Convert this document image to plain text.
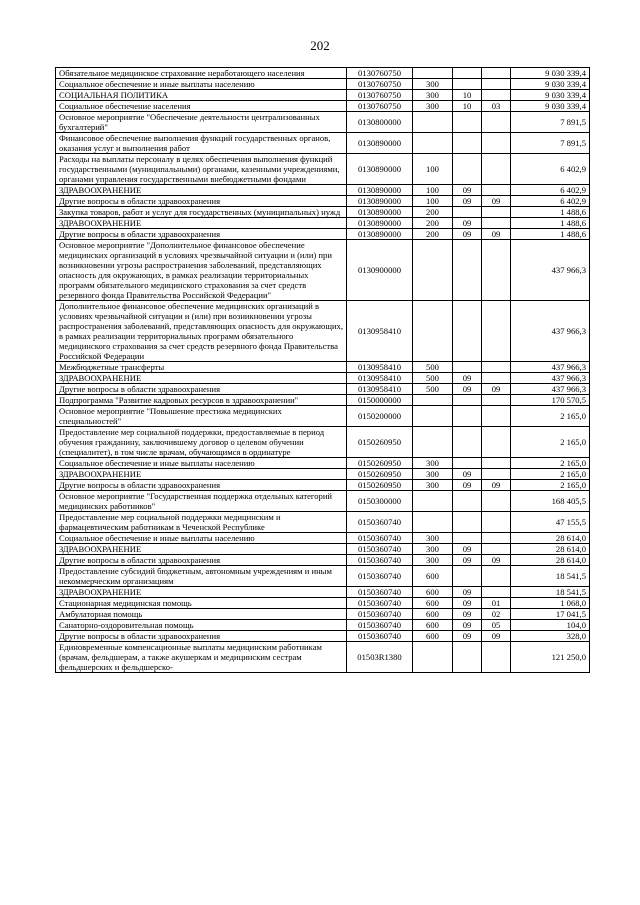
202
Обязательное медицинское страхование неработающего населения	0130760750				9 030 339,4
Социальное обеспечение и иные выплаты населению	0130760750	300			9 030 339,4
СОЦИАЛЬНАЯ ПОЛИТИКА	0130760750	300	10		9 030 339,4
Социальное обеспечение населения	0130760750	300	10	03	9 030 339,4
Основное мероприятие "Обеспечение деятельности централизованных бухгалтерий"	0130800000				7 891,5
Финансовое обеспечение выполнения функций государственных органов, оказания услуг и выполнения работ	0130890000				7 891,5
Расходы на выплаты персоналу в целях обеспечения выполнения функций государственными (муниципальными) органами, казенными учреждениями, органами управления государственными внебюджетными фондами	0130890000	100			6 402,9
ЗДРАВООХРАНЕНИЕ	0130890000	100	09		6 402,9
Другие вопросы в области здравоохранения	0130890000	100	09	09	6 402,9
Закупка товаров, работ и услуг для государственных (муниципальных) нужд	0130890000	200			1 488,6
ЗДРАВООХРАНЕНИЕ	0130890000	200	09		1 488,6
Другие вопросы в области здравоохранения	0130890000	200	09	09	1 488,6
Основное мероприятие "Дополнительное финансовое обеспечение медицинских организаций в условиях чрезвычайной ситуации и (или) при возникновении угрозы распространения заболеваний, представляющих опасность для окружающих, в рамках реализации территориальных программ обязательного медицинского страхования за счет средств резервного фонда Правительства Российской Федерации"	0130900000				437 966,3
Дополнительное финансовое обеспечение медицинских организаций в условиях чрезвычайной ситуации и (или) при возникновении угрозы распространения заболеваний, представляющих опасность для окружающих, в рамках реализации территориальных программ обязательного медицинского страхования за счет средств резервного фонда Правительства Российской Федерации	0130958410				437 966,3
Межбюджетные трансферты	0130958410	500			437 966,3
ЗДРАВООХРАНЕНИЕ	0130958410	500	09		437 966,3
Другие вопросы в области здравоохранения	0130958410	500	09	09	437 966,3
Подпрограмма "Развитие кадровых ресурсов в здравоохранении"	0150000000				170 570,5
Основное мероприятие "Повышение престижа медицинских специальностей"	0150200000				2 165,0
Предоставление мер социальной поддержки, предоставляемые в период обучения гражданину, заключившему договор о целевом обучении (специалитет), в том числе врачам, обучающимся в ординатуре	0150260950				2 165,0
Социальное обеспечение и иные выплаты населению	0150260950	300			2 165,0
ЗДРАВООХРАНЕНИЕ	0150260950	300	09		2 165,0
Другие вопросы в области здравоохранения	0150260950	300	09	09	2 165,0
Основное мероприятие "Государственная поддержка отдельных категорий медицинских работников"	0150300000				168 405,5
Предоставление мер социальной поддержки медицинским и фармацевтическим работникам в Чеченской Республике	0150360740				47 155,5
Социальное обеспечение и иные выплаты населению	0150360740	300			28 614,0
ЗДРАВООХРАНЕНИЕ	0150360740	300	09		28 614,0
Другие вопросы в области здравоохранения	0150360740	300	09	09	28 614,0
Предоставление субсидий бюджетным, автономным учреждениям и иным некоммерческим организациям	0150360740	600			18 541,5
ЗДРАВООХРАНЕНИЕ	0150360740	600	09		18 541,5
Стационарная медицинская помощь	0150360740	600	09	01	1 068,0
Амбулаторная помощь	0150360740	600	09	02	17 041,5
Санаторно-оздоровительная помощь	0150360740	600	09	05	104,0
Другие вопросы в области здравоохранения	0150360740	600	09	09	328,0
Единовременные компенсационные выплаты медицинским работникам (врачам, фельдшерам, а также акушеркам и медицинским сестрам фельдшерских и фельдшерско-	01503R1380				121 250,0
